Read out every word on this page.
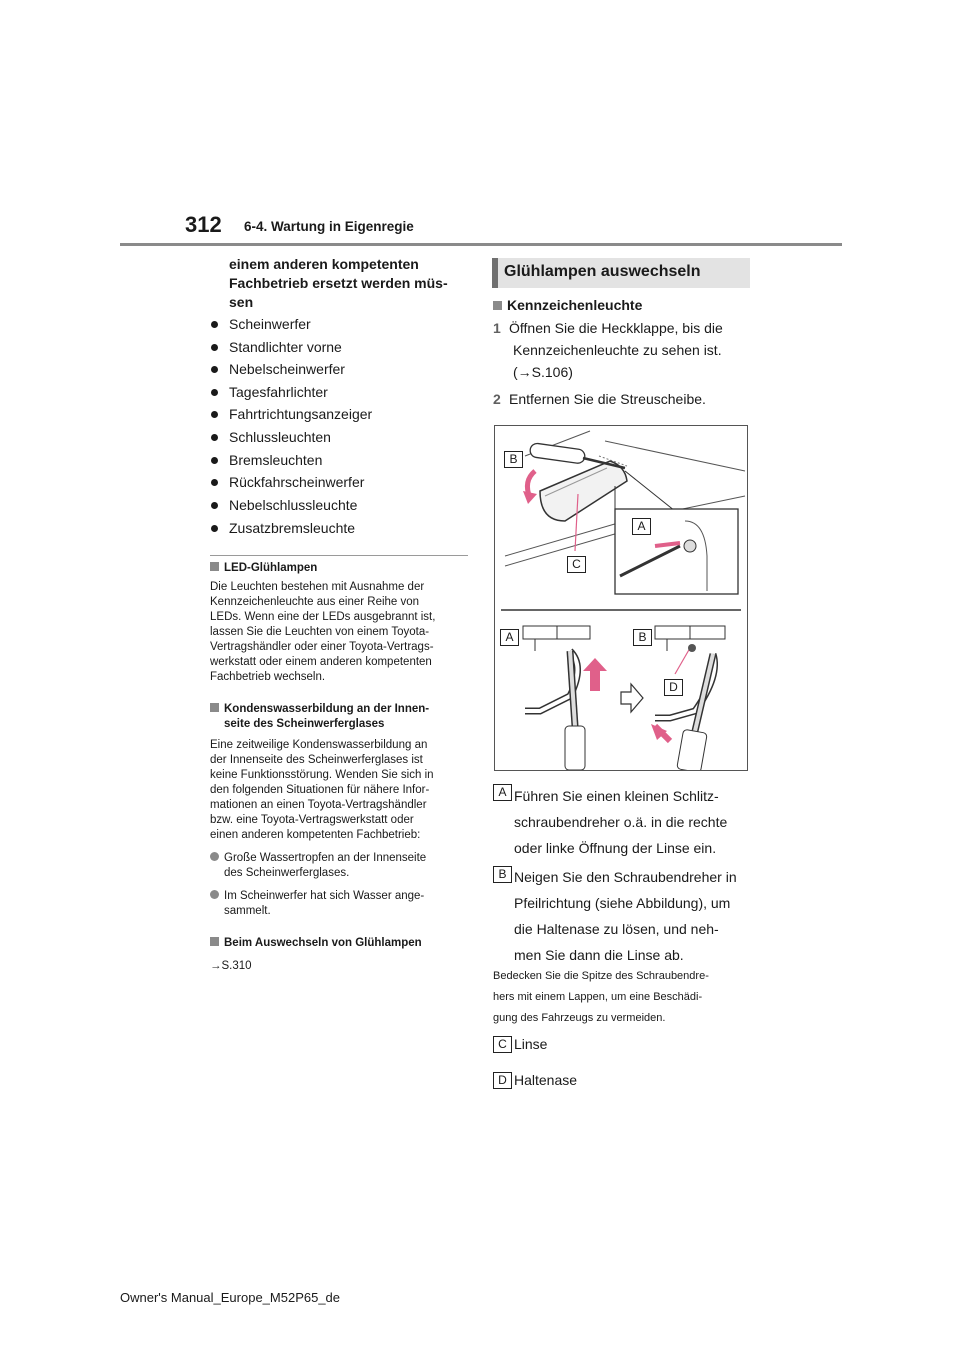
312 6-4. Wartung in Eigenregie
einem anderen kompetenten
Fachbetrieb ersetzt werden müs-
sen
Scheinwerfer
Standlichter vorne
Nebelscheinwerfer
Tagesfahrlichter
Fahrtrichtungsanzeiger
Schlussleuchten
Bremsleuchten
Rückfahrscheinwerfer
Nebelschlussleuchte
Zusatzbremsleuchte
LED-Glühlampen
Die Leuchten bestehen mit Ausnahme der
Kennzeichenleuchte aus einer Reihe von
LEDs. Wenn eine der LEDs ausgebrannt ist,
lassen Sie die Leuchten von einem Toyota-
Vertragshändler oder einer Toyota-Vertrags-
werkstatt oder einem anderen kompetenten
Fachbetrieb wechseln.
Kondenswasserbildung an der Innen-
seite des Scheinwerferglases
Eine zeitweilige Kondenswasserbildung an
der Innenseite des Scheinwerferglases ist
keine Funktionsstörung. Wenden Sie sich in
den folgenden Situationen für nähere Infor-
mationen an einen Toyota-Vertragshändler
bzw. eine Toyota-Vertragswerkstatt oder
einen anderen kompetenten Fachbetrieb:
Große Wassertropfen an der Innenseite
des Scheinwerferglases.
Im Scheinwerfer hat sich Wasser ange-
sammelt.
Beim Auswechseln von Glühlampen
→S.310
Glühlampen auswechseln
Kennzeichenleuchte
1 Öffnen Sie die Heckklappe, bis die
Kennzeichenleuchte zu sehen ist.
(→S.106)
2 Entfernen Sie die Streuscheibe.
B
A
C
A	B
D
A Führen Sie einen kleinen Schlitz-
schraubendreher o.ä. in die rechte
oder linke Öffnung der Linse ein.
B Neigen Sie den Schraubendreher in
Pfeilrichtung (siehe Abbildung), um
die Haltenase zu lösen, und neh-
men Sie dann die Linse ab.
Bedecken Sie die Spitze des Schraubendre-
hers mit einem Lappen, um eine Beschädi-
gung des Fahrzeugs zu vermeiden.
C Linse
D Haltenase
Owner's Manual_Europe_M52P65_de
